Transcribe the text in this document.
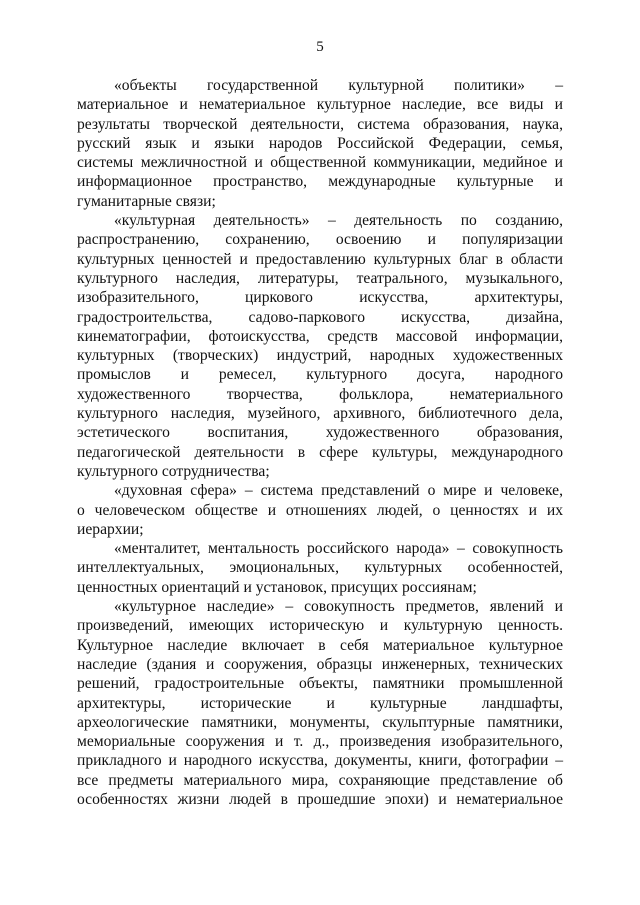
5
«объекты государственной культурной политики» –
материальное и нематериальное культурное наследие, все виды и
результаты творческой деятельности, система образования, наука,
русский язык и языки народов Российской Федерации, семья,
системы межличностной и общественной коммуникации, медийное и
информационное пространство, международные культурные и
гуманитарные связи;
«культурная деятельность» – деятельность по созданию,
распространению, сохранению, освоению и популяризации
культурных ценностей и предоставлению культурных благ в области
культурного наследия, литературы, театрального, музыкального,
изобразительного, циркового искусства, архитектуры,
градостроительства, садово-паркового искусства, дизайна,
кинематографии, фотоискусства, средств массовой информации,
культурных (творческих) индустрий, народных художественных
промыслов и ремесел, культурного досуга, народного
художественного творчества, фольклора, нематериального
культурного наследия, музейного, архивного, библиотечного дела,
эстетического воспитания, художественного образования,
педагогической деятельности в сфере культуры, международного
культурного сотрудничества;
«духовная сфера» – система представлений о мире и человеке,
о человеческом обществе и отношениях людей, о ценностях и их
иерархии;
«менталитет, ментальность российского народа» – совокупность
интеллектуальных, эмоциональных, культурных особенностей,
ценностных ориентаций и установок, присущих россиянам;
«культурное наследие» – совокупность предметов, явлений и
произведений, имеющих историческую и культурную ценность.
Культурное наследие включает в себя материальное культурное
наследие (здания и сооружения, образцы инженерных, технических
решений, градостроительные объекты, памятники промышленной
архитектуры, исторические и культурные ландшафты,
археологические памятники, монументы, скульптурные памятники,
мемориальные сооружения и т. д., произведения изобразительного,
прикладного и народного искусства, документы, книги, фотографии –
все предметы материального мира, сохраняющие представление об
особенностях жизни людей в прошедшие эпохи) и нематериальное
